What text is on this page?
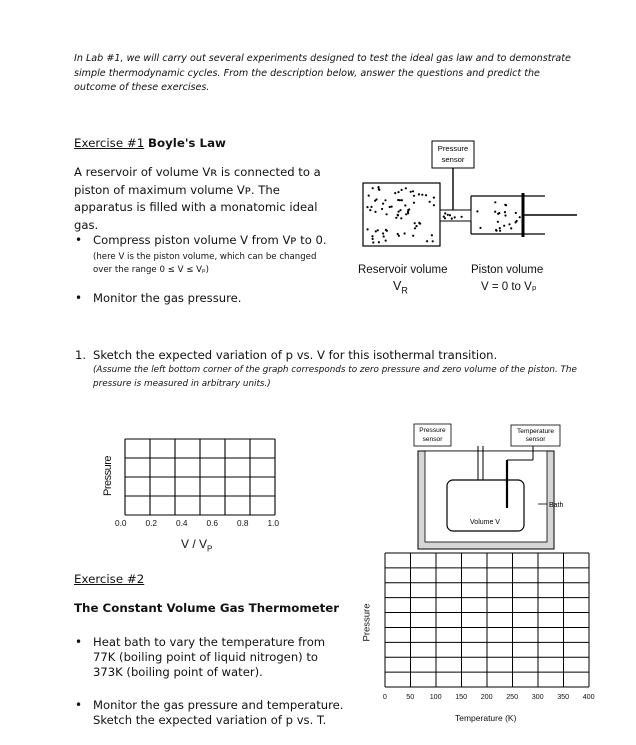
In Lab #1, we will carry out several experiments designed to test the ideal gas law and to demonstrate simple thermodynamic cycles. From the description below, answer the questions and predict the outcome of these exercises.
Exercise #1 Boyle's Law
A reservoir of volume Vʀ is connected to a piston of maximum volume Vᴘ. The apparatus is filled with a monatomic ideal gas.
• Compress piston volume V from Vᴘ to 0.
(here V is the piston volume, which can be changed
over the range 0 ≤ V ≤ Vₚ)
• Monitor the gas pressure.
Pressure
sensor
Reservoir volume
$V_R$
Piston volume
V = 0 to Vₚ
1. Sketch the expected variation of p vs. V for this isothermal transition.
(Assume the left bottom corner of the graph corresponds to zero pressure and zero volume of the piston. The pressure is measured in arbitrary units.)
Pressure
0.0 0.2 0.4 0.6 0.8 1.0
V / $V_P$
Exercise #2
The Constant Volume Gas Thermometer
• Heat bath to vary the temperature from 77K (boiling point of liquid nitrogen) to 373K (boiling point of water).
• Monitor the gas pressure and temperature. Sketch the expected variation of p vs. T.
Pressure
sensor
Temperature
sensor
Bath
Volume V
Pressure
0	50 100 150 200 250 300 350 400
Temperature (K)
